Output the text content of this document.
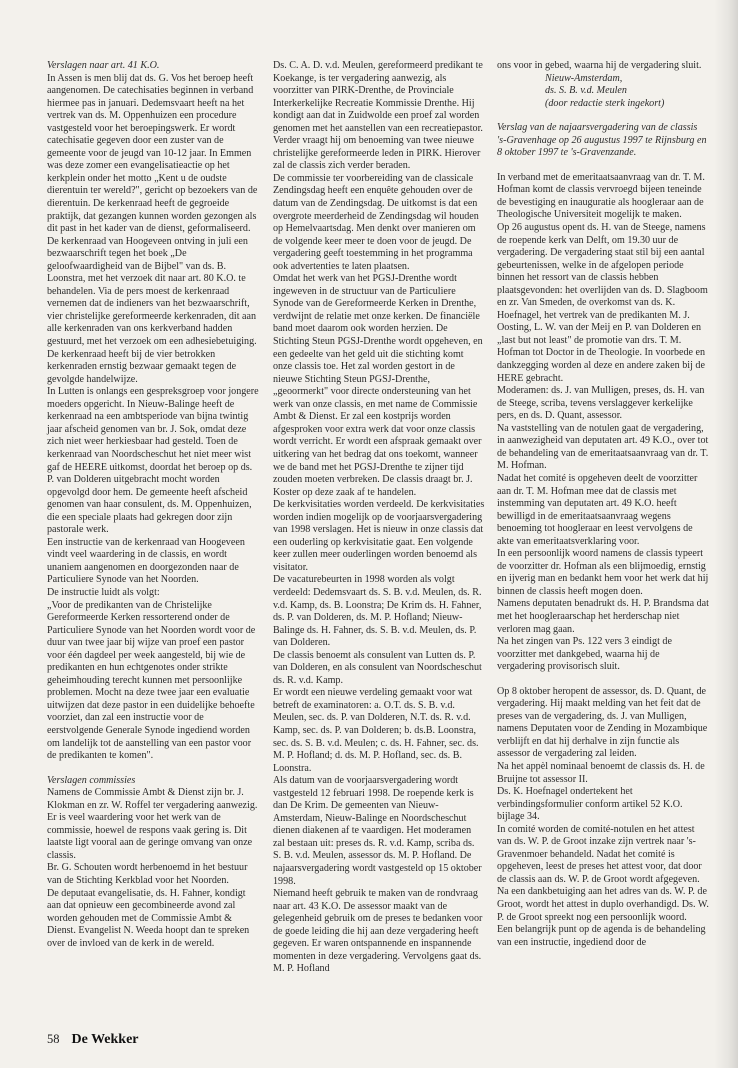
Verslagen naar art. 41 K.O.

In Assen is men blij dat ds. G. Vos het beroep heeft aangenomen. De catechisaties beginnen in verband hiermee pas in januari. Dedemsvaart heeft na het vertrek van ds. M. Oppenhuizen een procedure vastgesteld voor het beroepingswerk. Er wordt catechisatie gegeven door een zuster van de gemeente voor de jeugd van 10-12 jaar. In Emmen was deze zomer een evangelisatieactie op het kerkplein onder het motto „Kent u de oudste dierentuin ter wereld?", gericht op bezoekers van de dierentuin. De kerkenraad heeft de gegroeide praktijk, dat gezangen kunnen worden gezongen als dit past in het kader van de dienst, geformaliseerd.

De kerkenraad van Hoogeveen ontving in juli een bezwaarschrift tegen het boek „De geloofwaardigheid van de Bijbel" van ds. B. Loonstra, met het verzoek dit naar art. 80 K.O. te behandelen. Via de pers moest de kerkenraad vernemen dat de indieners van het bezwaarschrift, vier christelijke gereformeerde kerkenraden, dit aan alle kerkenraden van ons kerkverband hadden gestuurd, met het verzoek om een adhesiebetuiging. De kerkenraad heeft bij de vier betrokken kerkenraden ernstig bezwaar gemaakt tegen de gevolgde handelwijze.

In Lutten is onlangs een gespreksgroep voor jongere moeders opgericht. In Nieuw-Balinge heeft de kerkenraad na een ambtsperiode van bijna twintig jaar afscheid genomen van br. J. Sok, omdat deze zich niet weer herkiesbaar had gesteld. Toen de kerkenraad van Noordscheschut het niet meer wist gaf de HEERE uitkomst, doordat het beroep op ds. P. van Dolderen uitgebracht mocht worden opgevolgd door hem. De gemeente heeft afscheid genomen van haar consulent, ds. M. Oppenhuizen, die een speciale plaats had gekregen door zijn pastorale werk.

Een instructie van de kerkenraad van Hoogeveen vindt veel waardering in de classis, en wordt unaniem aangenomen en doorgezonden naar de Particuliere Synode van het Noorden.

De instructie luidt als volgt:

„Voor de predikanten van de Christelijke Gereformeerde Kerken ressorterend onder de Particuliere Synode van het Noorden wordt voor de duur van twee jaar bij wijze van proef een pastor voor één dagdeel per week aangesteld, bij wie de predikanten en hun echtgenotes onder strikte geheimhouding terecht kunnen met persoonlijke problemen. Mocht na deze twee jaar een evaluatie uitwijzen dat deze pastor in een duidelijke behoefte voorziet, dan zal een instructie voor de eerstvolgende Generale Synode ingediend worden om landelijk tot de aanstelling van een pastor voor de predikanten te komen".

Verslagen commissies

Namens de Commissie Ambt & Dienst zijn br. J. Klokman en zr. W. Roffel ter vergadering aanwezig. Er is veel waardering voor het werk van de commissie, hoewel de respons vaak gering is. Dit laatste ligt vooral aan de geringe omvang van onze classis.

Br. G. Schouten wordt herbenoemd in het bestuur van de Stichting Kerkblad voor het Noorden.

De deputaat evangelisatie, ds. H. Fahner, kondigt aan dat opnieuw een gecombineerde avond zal worden gehouden met de Commissie Ambt & Dienst. Evangelist N. Weeda hoopt dan te spreken over de invloed van de kerk in de wereld.

Ds. C. A. D. v.d. Meulen, gereformeerd predikant te Koekange, is ter vergadering aanwezig, als voorzitter van PIRK-Drenthe, de Provinciale Interkerkelijke Recreatie Kommissie Drenthe. Hij kondigt aan dat in Zuidwolde een proef zal worden genomen met het aanstellen van een recreatiepastor. Verder vraagt hij om benoeming van twee nieuwe christelijke gereformeerde leden in PIRK. Hierover zal de classis zich verder beraden.

De commissie ter voorbereiding van de classicale Zendingsdag heeft een enquête gehouden over de datum van de Zendingsdag. De uitkomst is dat een overgrote meerderheid de Zendingsdag wil houden op Hemelvaartsdag. Men denkt over manieren om de volgende keer meer te doen voor de jeugd. De vergadering geeft toestemming in het programma ook advertenties te laten plaatsen.

Omdat het werk van het PGSJ-Drenthe wordt ingeweven in de structuur van de Particuliere Synode van de Gereformeerde Kerken in Drenthe, verdwijnt de relatie met onze kerken. De financiële band moet daarom ook worden herzien. De Stichting Steun PGSJ-Drenthe wordt opgeheven, en een gedeelte van het geld uit die stichting komt onze classis toe. Het zal worden gestort in de nieuwe Stichting Steun PGSJ-Drenthe, „geoormerkt" voor directe ondersteuning van het werk van onze classis, en met name de Commissie Ambt & Dienst. Er zal een kostprijs worden afgesproken voor extra werk dat voor onze classis wordt verricht. Er wordt een afspraak gemaakt over uitkering van het bedrag dat ons toekomt, wanneer we de band met het PGSJ-Drenthe te zijner tijd zouden moeten verbreken. De classis draagt br. J. Koster op deze zaak af te handelen.

De kerkvisitaties worden verdeeld. De kerkvisitaties worden indien mogelijk op de voorjaarsvergadering van 1998 verslagen. Het is nieuw in onze classis dat een ouderling op kerkvisitatie gaat. Een volgende keer zullen meer ouderlingen worden benoemd als visitator.

De vacaturebeurten in 1998 worden als volgt verdeeld: Dedemsvaart ds. S. B. v.d. Meulen, ds. R. v.d. Kamp, ds. B. Loonstra; De Krim ds. H. Fahner, ds. P. van Dolderen, ds. M. P. Hofland; Nieuw-Balinge ds. H. Fahner, ds. S. B. v.d. Meulen, ds. P. van Dolderen.

De classis benoemt als consulent van Lutten ds. P. van Dolderen, en als consulent van Noordscheschut ds. R. v.d. Kamp.

Er wordt een nieuwe verdeling gemaakt voor wat betreft de examinatoren: a. O.T. ds. S. B. v.d. Meulen, sec. ds. P. van Dolderen, N.T. ds. R. v.d. Kamp, sec. ds. P. van Dolderen; b. ds.B. Loonstra, sec. ds. S. B. v.d. Meulen; c. ds. H. Fahner, sec. ds. M. P. Hofland; d. ds. M. P. Hofland, sec. ds. B. Loonstra.

Als datum van de voorjaarsvergadering wordt vastgesteld 12 februari 1998. De roepende kerk is dan De Krim. De gemeenten van Nieuw-Amsterdam, Nieuw-Balinge en Noordscheschut dienen diakenen af te vaardigen. Het moderamen zal bestaan uit: preses ds. R. v.d. Kamp, scriba ds. S. B. v.d. Meulen, assessor ds. M. P. Hofland. De najaarsvergadering wordt vastgesteld op 15 oktober 1998.

Niemand heeft gebruik te maken van de rondvraag naar art. 43 K.O. De assessor maakt van de gelegenheid gebruik om de preses te bedanken voor de goede leiding die hij aan deze vergadering heeft gegeven. Er waren ontspannende en inspannende momenten in deze vergadering. Vervolgens gaat ds. M. P. Hofland

ons voor in gebed, waarna hij de vergadering sluit.

Nieuw-Amsterdam,

ds. S. B. v.d. Meulen

(door redactie sterk ingekort)

Verslag van de najaarsvergadering van de classis 's-Gravenhage op 26 augustus 1997 te Rijnsburg en 8 oktober 1997 te 's-Gravenzande.

In verband met de emeritaatsaanvraag van dr. T. M. Hofman komt de classis vervroegd bijeen teneinde de bevestiging en inauguratie als hoogleraar aan de Theologische Universiteit mogelijk te maken.

Op 26 augustus opent ds. H. van de Steege, namens de roepende kerk van Delft, om 19.30 uur de vergadering. De vergadering staat stil bij een aantal gebeurtenissen, welke in de afgelopen periode binnen het ressort van de classis hebben plaatsgevonden: het overlijden van ds. D. Slagboom en zr. Van Smeden, de overkomst van ds. K. Hoefnagel, het vertrek van de predikanten M. J. Oosting, L. W. van der Meij en P. van Dolderen en „last but not least" de promotie van drs. T. M. Hofman tot Doctor in de Theologie. In voorbede en dankzegging worden al deze en andere zaken bij de HERE gebracht.

Moderamen: ds. J. van Mulligen, preses, ds. H. van de Steege, scriba, tevens verslaggever kerkelijke pers, en ds. D. Quant, assessor.

Na vaststelling van de notulen gaat de vergadering, in aanwezigheid van deputaten art. 49 K.O., over tot de behandeling van de emeritaatsaanvraag van dr. T. M. Hofman.

Nadat het comité is opgeheven deelt de voorzitter aan dr. T. M. Hofman mee dat de classis met instemming van deputaten art. 49 K.O. heeft bewilligd in de emeritaatsaanvraag wegens benoeming tot hoogleraar en leest vervolgens de akte van emeritaatsverklaring voor.

In een persoonlijk woord namens de classis typeert de voorzitter dr. Hofman als een blijmoedig, ernstig en ijverig man en bedankt hem voor het werk dat hij binnen de classis heeft mogen doen.

Namens deputaten benadrukt ds. H. P. Brandsma dat met het hoogleraarschap het herderschap niet verloren mag gaan.

Na het zingen van Ps. 122 vers 3 eindigt de voorzitter met dankgebed, waarna hij de vergadering provisorisch sluit.

Op 8 oktober heropent de assessor, ds. D. Quant, de vergadering. Hij maakt melding van het feit dat de preses van de vergadering, ds. J. van Mulligen, namens Deputaten voor de Zending in Mozambique verblijft en dat hij derhalve in zijn functie als assessor de vergadering zal leiden.

Na het appèl nominaal benoemt de classis ds. H. de Bruijne tot assessor II.

Ds. K. Hoefnagel ondertekent het verbindingsformulier conform artikel 52 K.O. bijlage 34.

In comité worden de comité-notulen en het attest van ds. W. P. de Groot inzake zijn vertrek naar 's-Gravenmoer behandeld. Nadat het comité is opgeheven, leest de preses het attest voor, dat door de classis aan ds. W. P. de Groot wordt afgegeven. Na een dankbetuiging aan het adres van ds. W. P. de Groot, wordt het attest in duplo overhandigd. Ds. W. P. de Groot spreekt nog een persoonlijk woord.

Een belangrijk punt op de agenda is de behandeling van een instructie, ingediend door de

58 De Wekker
